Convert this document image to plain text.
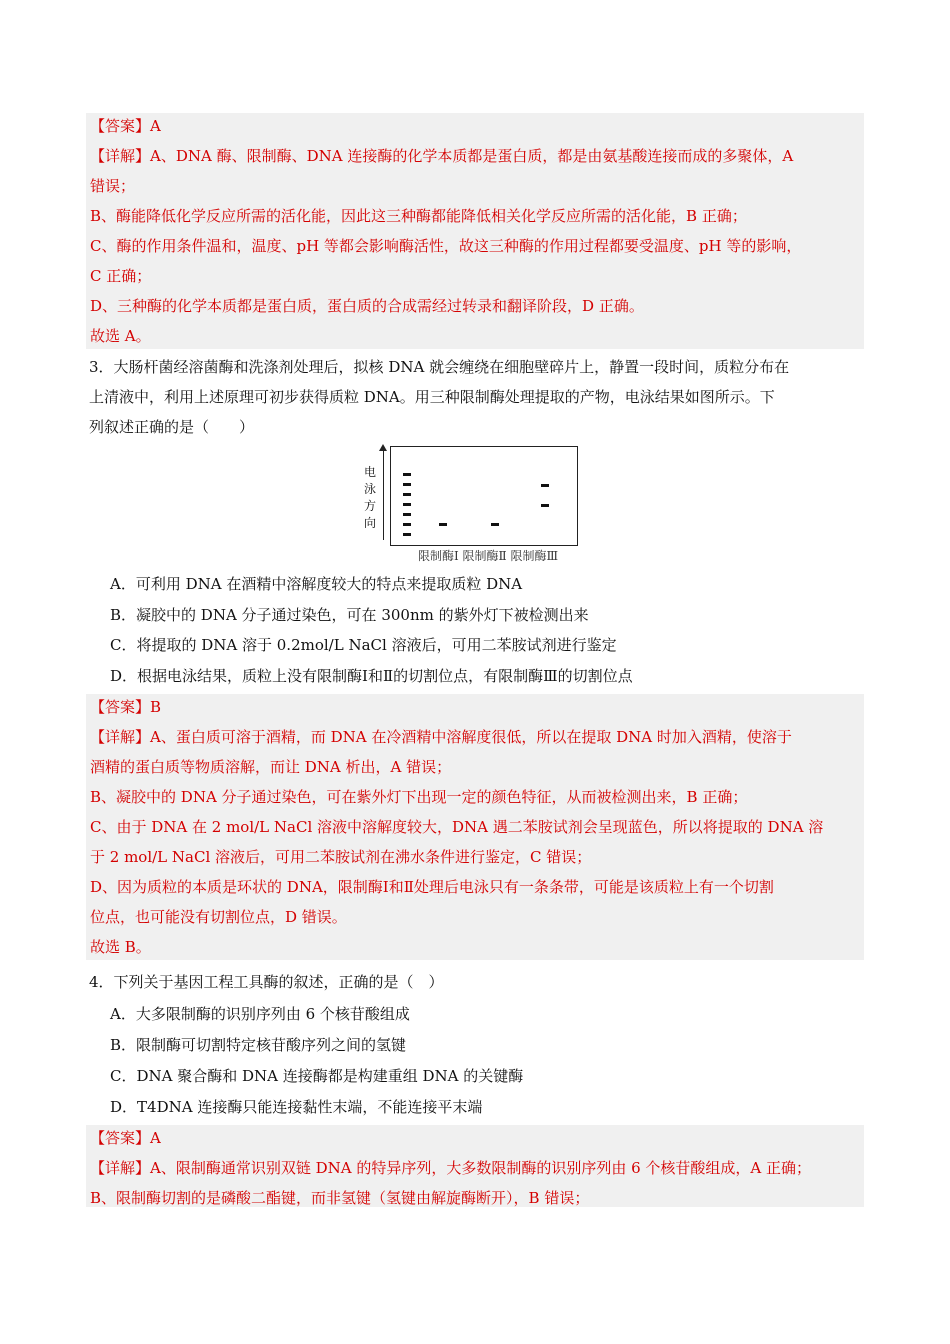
【答案】A
【详解】A、DNA 酶、限制酶、DNA 连接酶的化学本质都是蛋白质，都是由氨基酸连接而成的多聚体，A
错误；
B、酶能降低化学反应所需的活化能，因此这三种酶都能降低相关化学反应所需的活化能，B 正确；
C、酶的作用条件温和，温度、pH 等都会影响酶活性，故这三种酶的作用过程都要受温度、pH 等的影响，
C 正确；
D、三种酶的化学本质都是蛋白质，蛋白质的合成需经过转录和翻译阶段，D 正确。
故选 A。
3．大肠杆菌经溶菌酶和洗涤剂处理后，拟核 DNA 就会缠绕在细胞壁碎片上，静置一段时间，质粒分布在
上清液中，利用上述原理可初步获得质粒 DNA。用三种限制酶处理提取的产物，电泳结果如图所示。下
列叙述正确的是（　　）
电泳方向
限制酶Ⅰ 限制酶Ⅱ 限制酶Ⅲ
A．可利用 DNA 在酒精中溶解度较大的特点来提取质粒 DNA
B．凝胶中的 DNA 分子通过染色，可在 300nm 的紫外灯下被检测出来
C．将提取的 DNA 溶于 0.2mol/L NaCl 溶液后，可用二苯胺试剂进行鉴定
D．根据电泳结果，质粒上没有限制酶Ⅰ和Ⅱ的切割位点，有限制酶Ⅲ的切割位点
【答案】B
【详解】A、蛋白质可溶于酒精，而 DNA 在冷酒精中溶解度很低，所以在提取 DNA 时加入酒精，使溶于
酒精的蛋白质等物质溶解，而让 DNA 析出，A 错误；
B、凝胶中的 DNA 分子通过染色，可在紫外灯下出现一定的颜色特征，从而被检测出来，B 正确；
C、由于 DNA 在 2 mol/L NaCl 溶液中溶解度较大，DNA 遇二苯胺试剂会呈现蓝色，所以将提取的 DNA 溶
于 2 mol/L NaCl 溶液后，可用二苯胺试剂在沸水条件进行鉴定，C 错误；
D、因为质粒的本质是环状的 DNA，限制酶Ⅰ和Ⅱ处理后电泳只有一条条带，可能是该质粒上有一个切割
位点，也可能没有切割位点，D 错误。
故选 B。
4．下列关于基因工程工具酶的叙述，正确的是（　）
A．大多限制酶的识别序列由 6 个核苷酸组成
B．限制酶可切割特定核苷酸序列之间的氢键
C．DNA 聚合酶和 DNA 连接酶都是构建重组 DNA 的关键酶
D．T4DNA 连接酶只能连接黏性末端，不能连接平末端
【答案】A
【详解】A、限制酶通常识别双链 DNA 的特异序列，大多数限制酶的识别序列由 6 个核苷酸组成，A 正确；
B、限制酶切割的是磷酸二酯键，而非氢键（氢键由解旋酶断开），B 错误；
